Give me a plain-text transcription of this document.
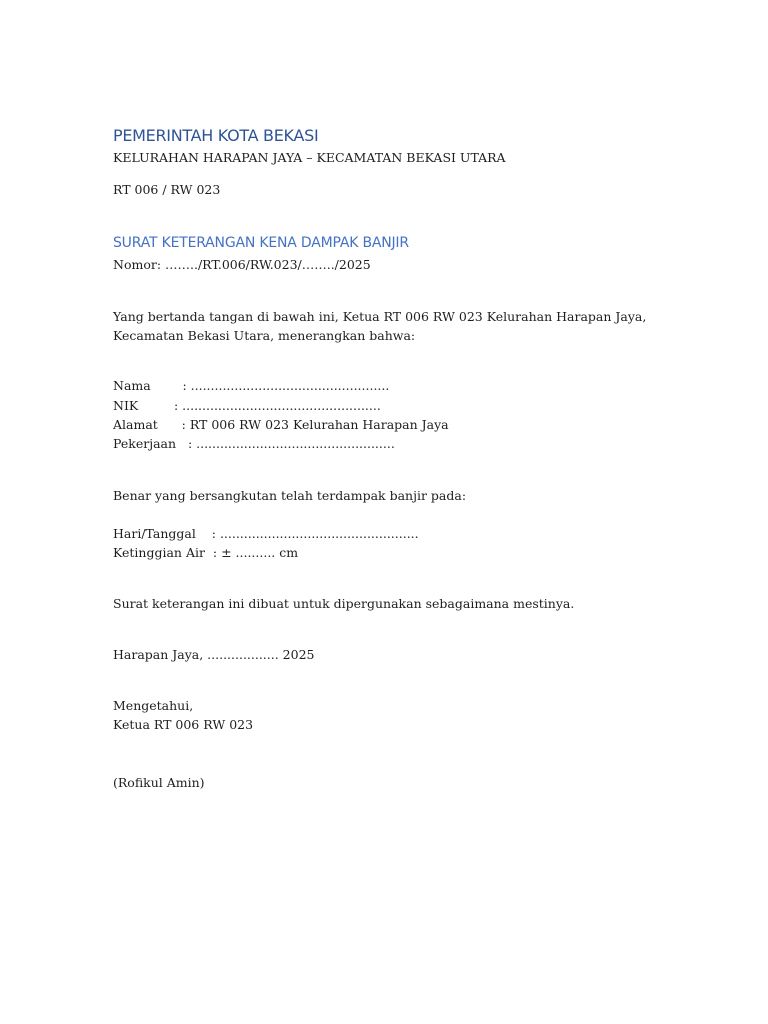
PEMERINTAH KOTA BEKASI

KELURAHAN HARAPAN JAYA – KECAMATAN BEKASI UTARA

RT 006 / RW 023

SURAT KETERANGAN KENA DAMPAK BANJIR

Nomor: ……../RT.006/RW.023/……../2025

Yang bertanda tangan di bawah ini, Ketua RT 006 RW 023 Kelurahan Harapan Jaya,

Kecamatan Bekasi Utara, menerangkan bahwa:

Nama        : ..................................................

NIK         : ..................................................

Alamat      : RT 006 RW 023 Kelurahan Harapan Jaya

Pekerjaan   : ..................................................

Benar yang bersangkutan telah terdampak banjir pada:

Hari/Tanggal    : ..................................................

Ketinggian Air  : ± .......... cm

Surat keterangan ini dibuat untuk dipergunakan sebagaimana mestinya.

Harapan Jaya, .................. 2025

Mengetahui,

Ketua RT 006 RW 023

(Rofikul Amin)
